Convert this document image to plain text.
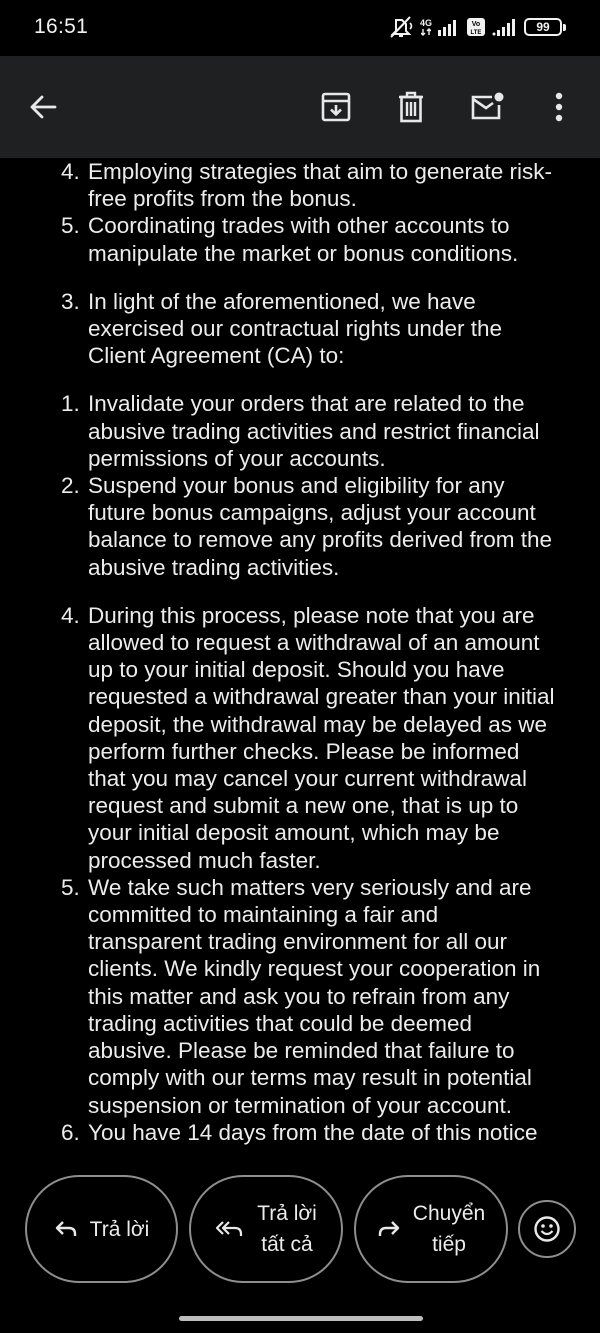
16:51	4G	Vo
LTE	99
4. Employing strategies that aim to generate risk-
free profits from the bonus.
5. Coordinating trades with other accounts to
manipulate the market or bonus conditions.
3. In light of the aforementioned, we have
exercised our contractual rights under the
Client Agreement (CA) to:
1. Invalidate your orders that are related to the
abusive trading activities and restrict financial
permissions of your accounts.
2. Suspend your bonus and eligibility for any
future bonus campaigns, adjust your account
balance to remove any profits derived from the
abusive trading activities.
4. During this process, please note that you are
allowed to request a withdrawal of an amount
up to your initial deposit. Should you have
requested a withdrawal greater than your initial
deposit, the withdrawal may be delayed as we
perform further checks. Please be informed
that you may cancel your current withdrawal
request and submit a new one, that is up to
your initial deposit amount, which may be
processed much faster.
5. We take such matters very seriously and are
committed to maintaining a fair and
transparent trading environment for all our
clients. We kindly request your cooperation in
this matter and ask you to refrain from any
trading activities that could be deemed
abusive. Please be reminded that failure to
comply with our terms may result in potential
suspension or termination of your account.
6. You have 14 days from the date of this notice
Trả lời
Trả lời
tất cả
Chuyển
tiếp
